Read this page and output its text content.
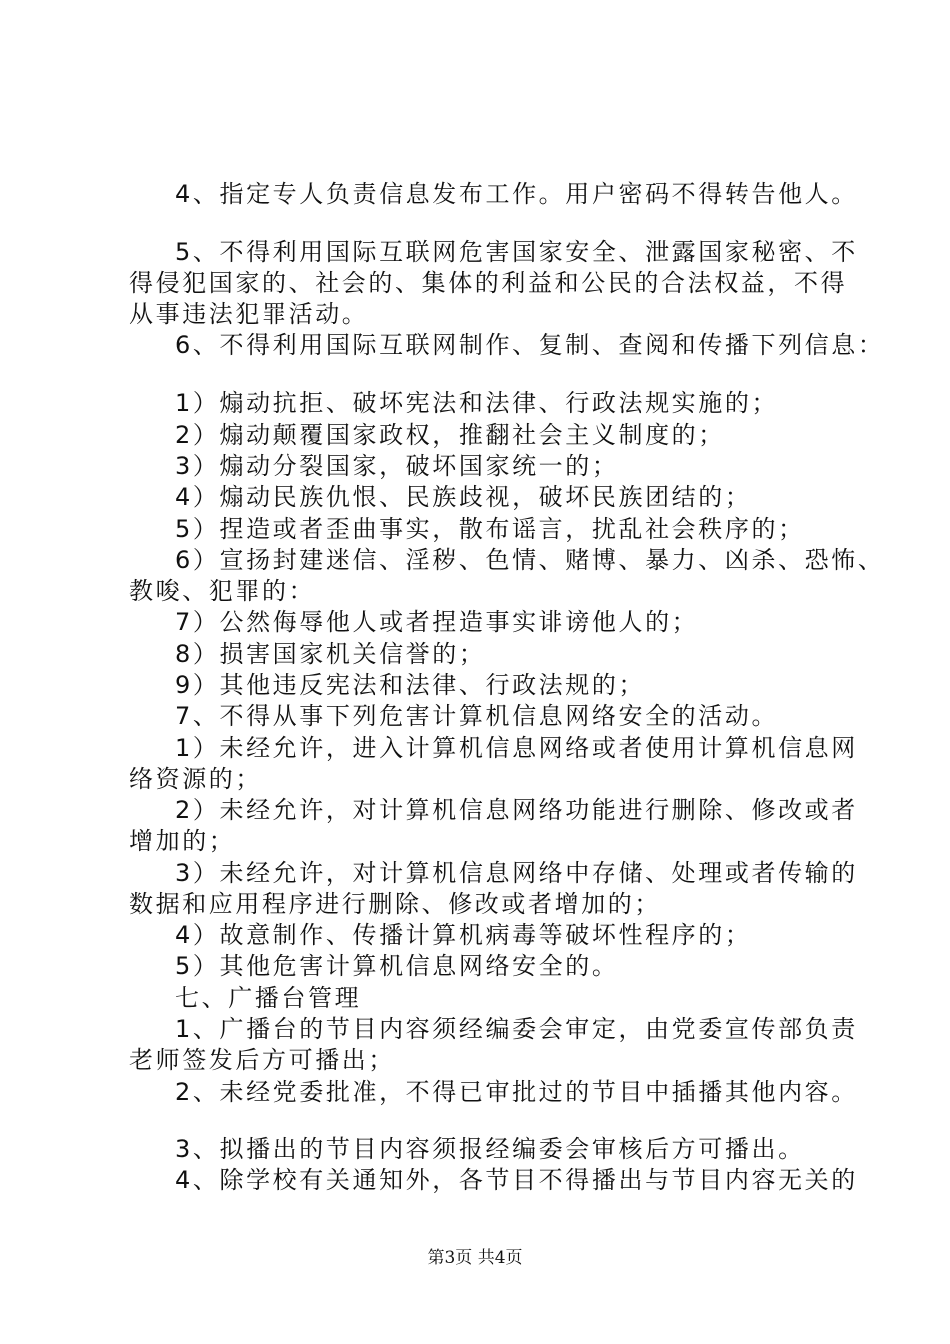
4、指定专人负责信息发布工作。用户密码不得转告他人。
5、不得利用国际互联网危害国家安全、泄露国家秘密、不
得侵犯国家的、社会的、集体的利益和公民的合法权益，不得
从事违法犯罪活动。
6、不得利用国际互联网制作、复制、查阅和传播下列信息：
1）煽动抗拒、破坏宪法和法律、行政法规实施的；
2）煽动颠覆国家政权，推翻社会主义制度的；
3）煽动分裂国家，破坏国家统一的；
4）煽动民族仇恨、民族歧视，破坏民族团结的；
5）捏造或者歪曲事实，散布谣言，扰乱社会秩序的；
6）宣扬封建迷信、淫秽、色情、赌博、暴力、凶杀、恐怖、
教唆、犯罪的：
7）公然侮辱他人或者捏造事实诽谤他人的；
8）损害国家机关信誉的；
9）其他违反宪法和法律、行政法规的；
7、不得从事下列危害计算机信息网络安全的活动。
1）未经允许，进入计算机信息网络或者使用计算机信息网
络资源的；
2）未经允许，对计算机信息网络功能进行删除、修改或者
增加的；
3）未经允许，对计算机信息网络中存储、处理或者传输的
数据和应用程序进行删除、修改或者增加的；
4）故意制作、传播计算机病毒等破坏性程序的；
5）其他危害计算机信息网络安全的。
七、广播台管理
1、广播台的节目内容须经编委会审定，由党委宣传部负责
老师签发后方可播出；
2、未经党委批准，不得已审批过的节目中插播其他内容。
3、拟播出的节目内容须报经编委会审核后方可播出。
4、除学校有关通知外，各节目不得播出与节目内容无关的
第3页 共4页
